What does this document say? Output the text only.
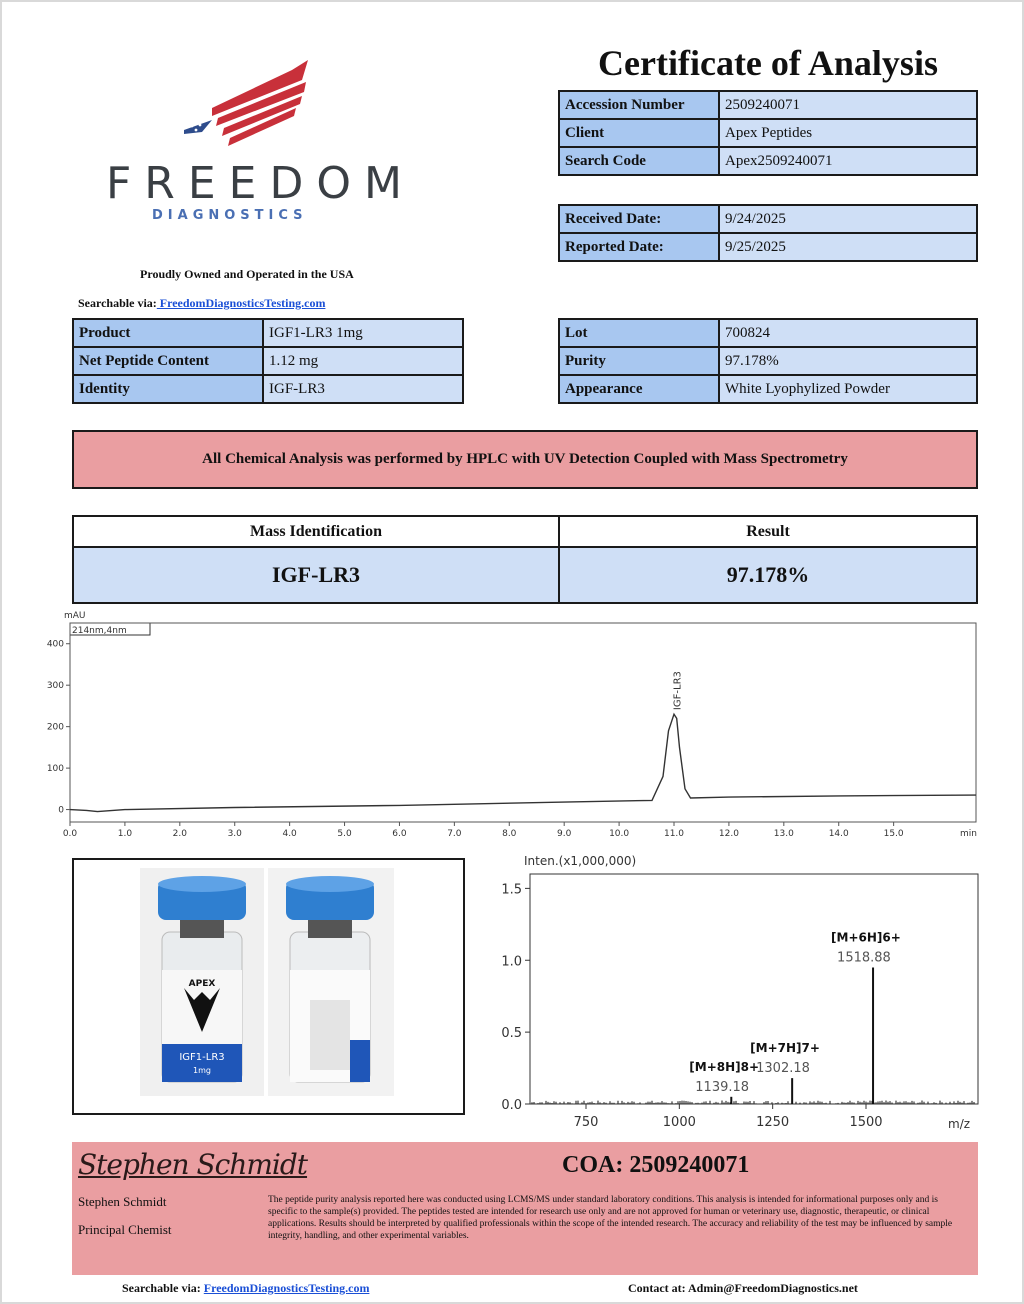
FREEDOM
DIAGNOSTICS
Proudly Owned and Operated in the USA
Searchable via: FreedomDiagnosticsTesting.com
Certificate of Analysis
Accession Number	2509240071
Client	Apex Peptides
Search Code	Apex2509240071
Received Date:	9/24/2025
Reported Date:	9/25/2025
Product	IGF1-LR3 1mg
Net Peptide Content	1.12 mg
Identity	IGF-LR3
Lot	700824
Purity	97.178%
Appearance	White Lyophylized Powder
All Chemical Analysis was performed by HPLC with UV Detection Coupled with Mass Spectrometry
Mass Identification	Result
IGF-LR3	97.178%
mAU
214nm,4nm
400
300
200
100
0
0.0	1.0	2.0	3.0	4.0	5.0	6.0	7.0	8.0	9.0	10.0	11.0	12.0	13.0	14.0	15.0
IGF-LR3
min
APEX
IGF1-LR3
1mg
Inten.(x1,000,000)
1.5
1.0
0.5
0.0
750	1000	1250	1500
[M+8H]8+
1139.18
[M+7H]7+
1302.18
[M+6H]6+
1518.88
m/z
Stephen Schmidt
Stephen Schmidt
Principal Chemist
COA: 2509240071
The peptide purity analysis reported here was conducted using LCMS/MS under standard laboratory conditions. This analysis is intended for informational purposes only and is specific to the sample(s) provided. The peptides tested are intended for research use only and are not approved for human or veterinary use, diagnostic, therapeutic, or clinical applications. Results should be interpreted by qualified professionals within the scope of the intended research. The accuracy and reliability of the test may be influenced by sample integrity, handling, and other experimental variables.
Searchable via: FreedomDiagnosticsTesting.com	Contact at: Admin@FreedomDiagnostics.net
